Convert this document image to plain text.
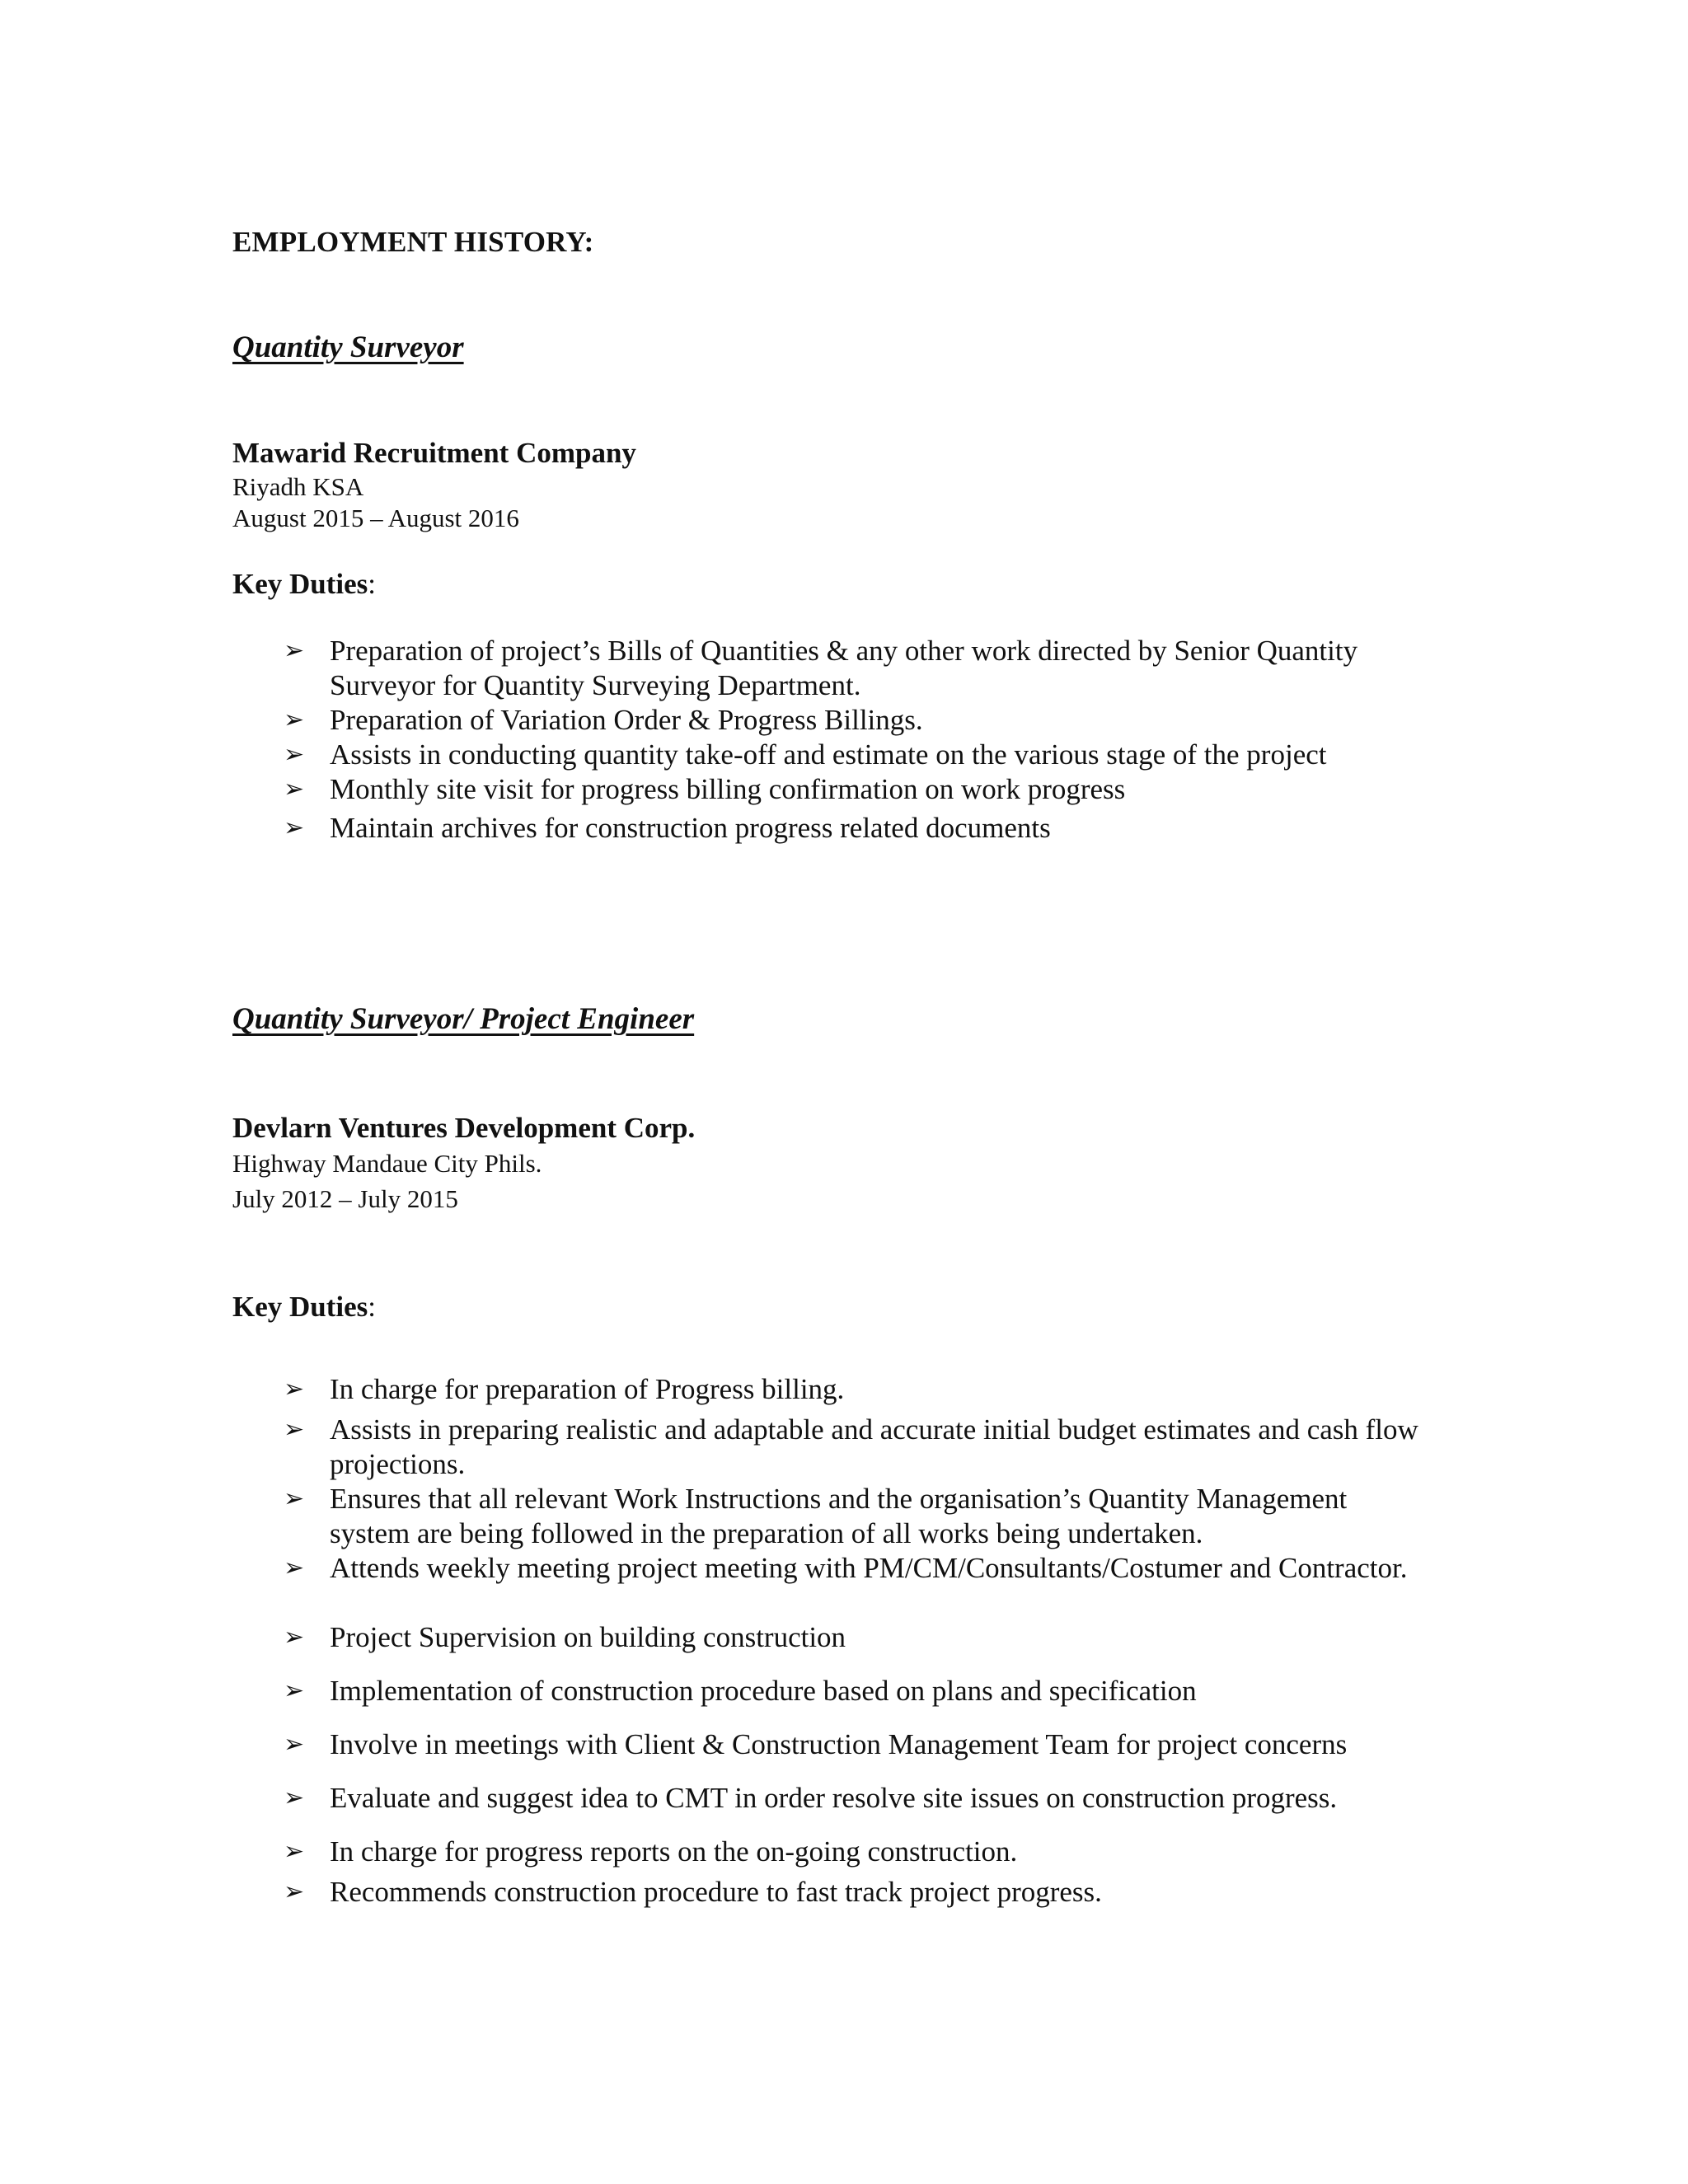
EMPLOYMENT HISTORY:
Quantity Surveyor
Mawarid Recruitment Company
Riyadh KSA
August 2015 – August 2016
Key Duties:
➢ Preparation of project’s Bills of Quantities & any other work directed by Senior Quantity Surveyor for Quantity Surveying Department.
➢ Preparation of Variation Order & Progress Billings.
➢ Assists in conducting quantity take-off and estimate on the various stage of the project
➢ Monthly site visit for progress billing confirmation on work progress
➢ Maintain archives for construction progress related documents
Quantity Surveyor/ Project Engineer
Devlarn Ventures Development Corp.
Highway Mandaue City Phils.
July 2012 – July 2015
Key Duties:
➢ In charge for preparation of Progress billing.
➢ Assists in preparing realistic and adaptable and accurate initial budget estimates and cash flow projections.
➢ Ensures that all relevant Work Instructions and the organisation’s Quantity Management system are being followed in the preparation of all works being undertaken.
➢ Attends weekly meeting project meeting with PM/CM/Consultants/Costumer and Contractor.
➢ Project Supervision on building construction
➢ Implementation of construction procedure based on plans and specification
➢ Involve in meetings with Client & Construction Management Team for project concerns
➢ Evaluate and suggest idea to CMT in order resolve site issues on construction progress.
➢ In charge for progress reports on the on-going construction.
➢ Recommends construction procedure to fast track project progress.
